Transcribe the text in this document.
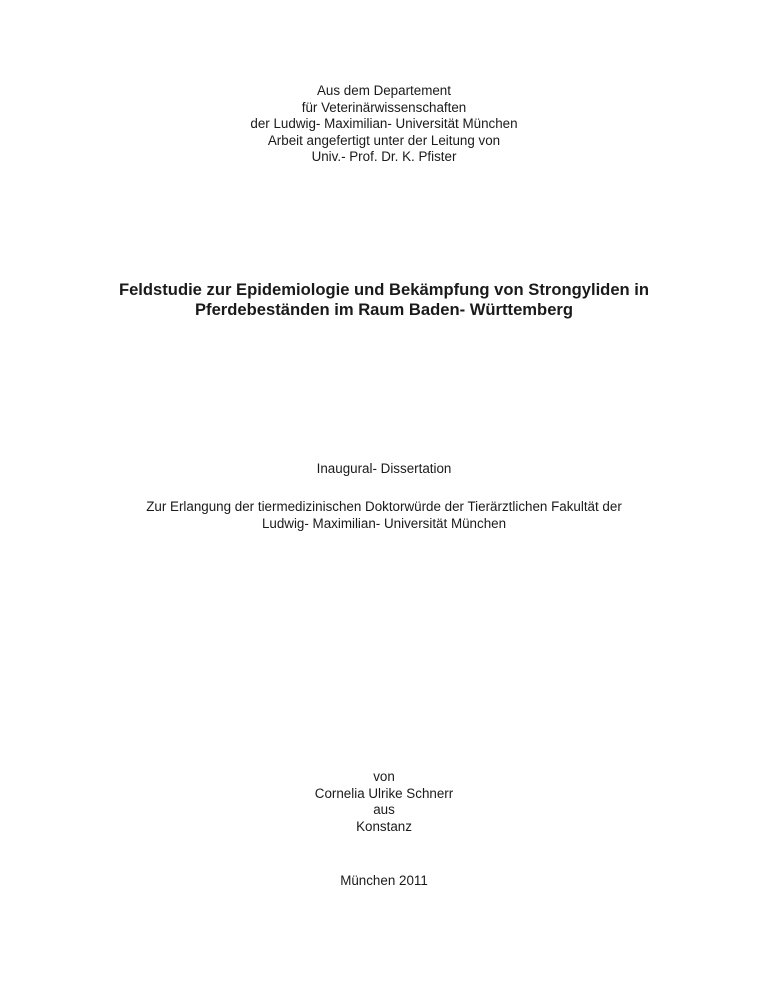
Aus dem Departement
für Veterinärwissenschaften
der Ludwig- Maximilian- Universität München
Arbeit angefertigt unter der Leitung von
Univ.- Prof. Dr. K. Pfister
Feldstudie zur Epidemiologie und Bekämpfung von Strongyliden in
Pferdebeständen im Raum Baden- Württemberg
Inaugural- Dissertation
Zur Erlangung der tiermedizinischen Doktorwürde der Tierärztlichen Fakultät der
Ludwig- Maximilian- Universität München
von
Cornelia Ulrike Schnerr
aus
Konstanz
München 2011
